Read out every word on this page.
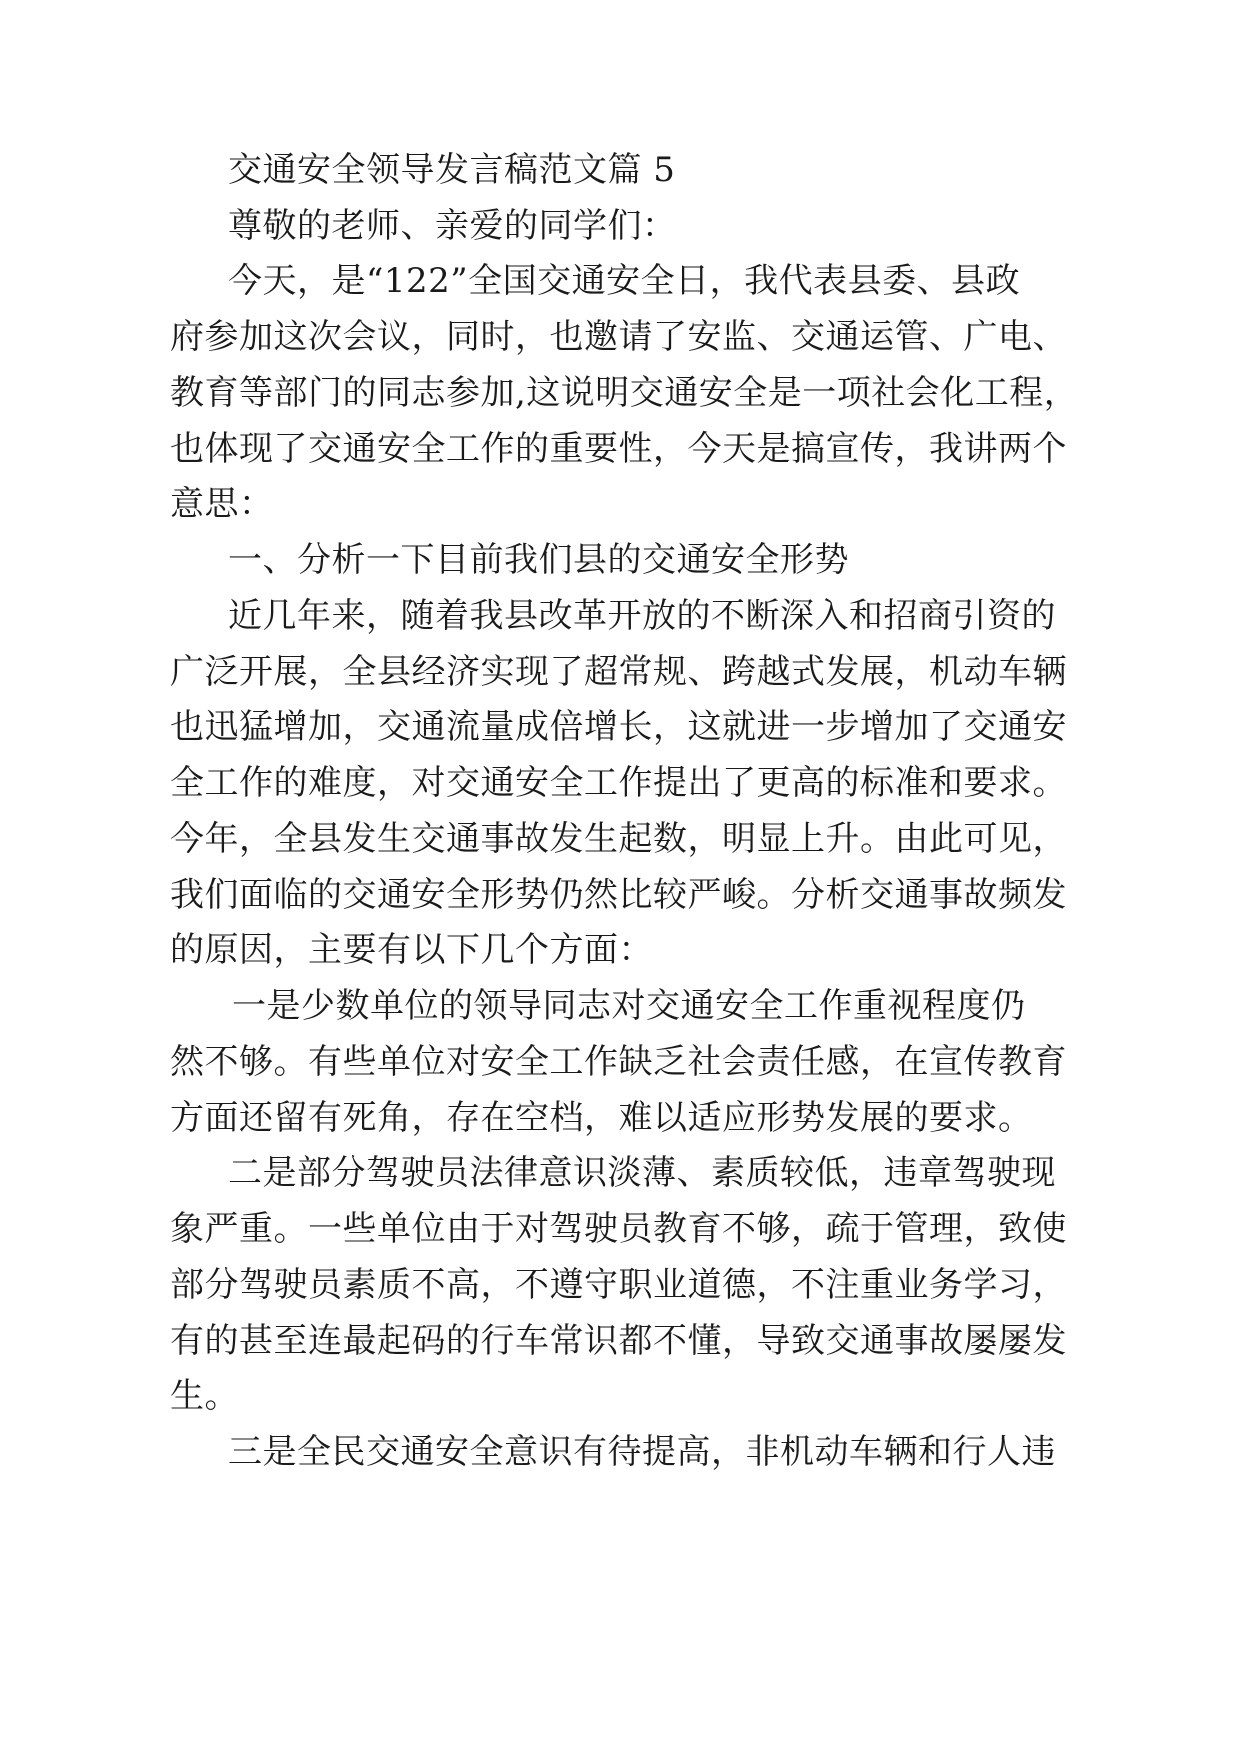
交通安全领导发言稿范文篇 5

尊敬的老师、亲爱的同学们：

今天，是“122”全国交通安全日，我代表县委、县政

府参加这次会议，同时，也邀请了安监、交通运管、广电、

教育等部门的同志参加,这说明交通安全是一项社会化工程，

也体现了交通安全工作的重要性，今天是搞宣传，我讲两个

意思：

一、分析一下目前我们县的交通安全形势

近几年来，随着我县改革开放的不断深入和招商引资的

广泛开展，全县经济实现了超常规、跨越式发展，机动车辆

也迅猛增加，交通流量成倍增长，这就进一步增加了交通安

全工作的难度，对交通安全工作提出了更高的标准和要求。

今年，全县发生交通事故发生起数，明显上升。由此可见，

我们面临的交通安全形势仍然比较严峻。分析交通事故频发

的原因，主要有以下几个方面：

一是少数单位的领导同志对交通安全工作重视程度仍

然不够。有些单位对安全工作缺乏社会责任感，在宣传教育

方面还留有死角，存在空档，难以适应形势发展的要求。

二是部分驾驶员法律意识淡薄、素质较低，违章驾驶现

象严重。一些单位由于对驾驶员教育不够，疏于管理，致使

部分驾驶员素质不高，不遵守职业道德，不注重业务学习，

有的甚至连最起码的行车常识都不懂，导致交通事故屡屡发

生。

三是全民交通安全意识有待提高，非机动车辆和行人违
